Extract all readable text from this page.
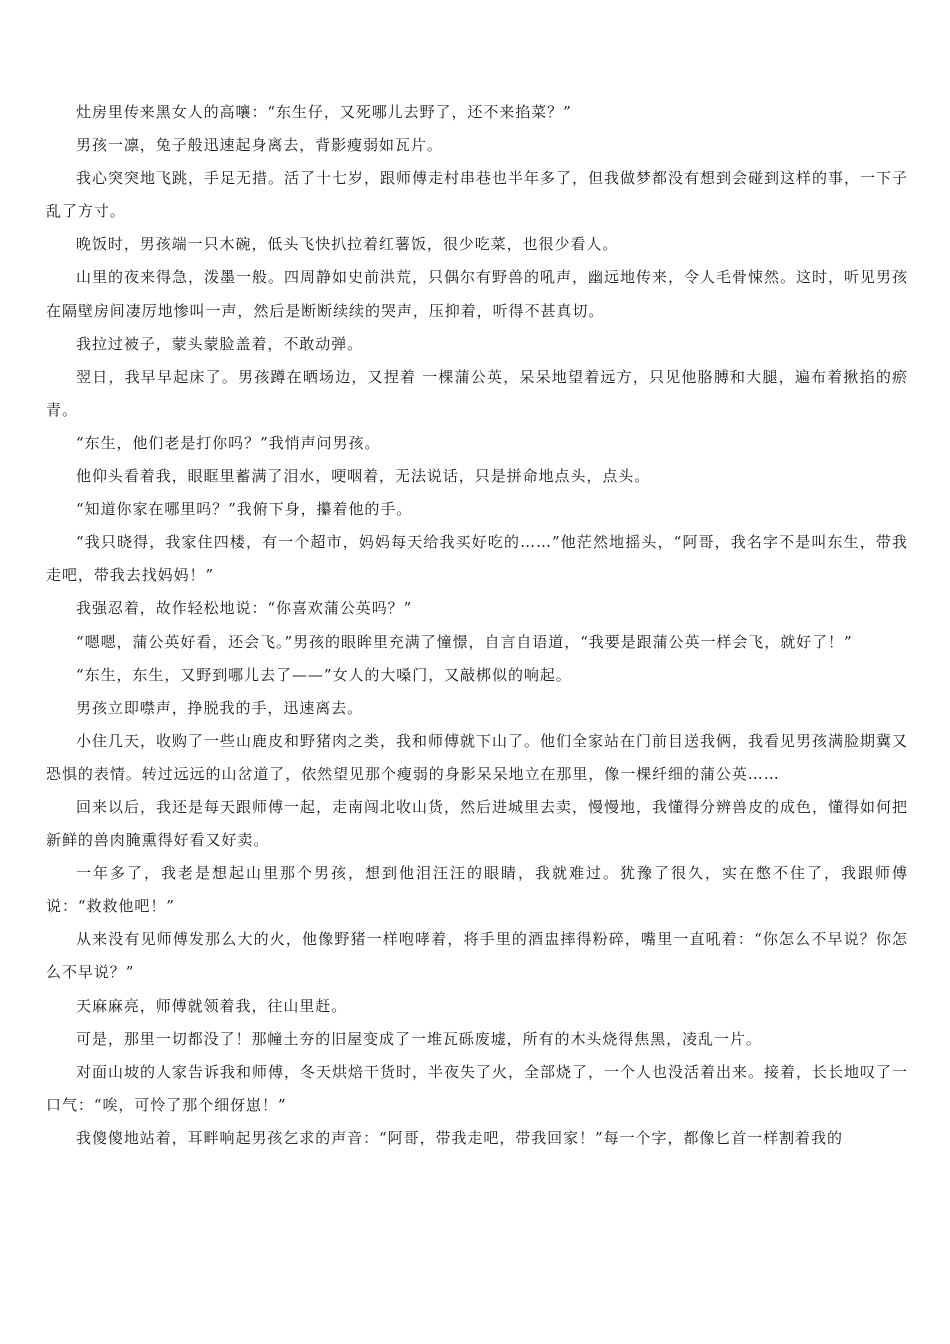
灶房里传来黑女人的高嚷：“东生仔，又死哪儿去野了，还不来掐菜？”

男孩一凛，兔子般迅速起身离去，背影瘦弱如瓦片。

我心突突地飞跳，手足无措。活了十七岁，跟师傅走村串巷也半年多了，但我做梦都没有想到会碰到这样的事，一下子乱了方寸。

晚饭时，男孩端一只木碗，低头飞快扒拉着红薯饭，很少吃菜，也很少看人。

山里的夜来得急，泼墨一般。四周静如史前洪荒，只偶尔有野兽的吼声，幽远地传来，令人毛骨悚然。这时，听见男孩在隔壁房间凄厉地惨叫一声，然后是断断续续的哭声，压抑着，听得不甚真切。

我拉过被子，蒙头蒙脸盖着，不敢动弹。

翌日，我早早起床了。男孩蹲在晒场边，又捏着 一棵蒲公英，呆呆地望着远方，只见他胳膊和大腿，遍布着揪掐的瘀青。

“东生，他们老是打你吗？”我悄声问男孩。

他仰头看着我，眼眶里蓄满了泪水，哽咽着，无法说话，只是拼命地点头，点头。

“知道你家在哪里吗？”我俯下身，攥着他的手。

“我只晓得，我家住四楼，有一个超市，妈妈每天给我买好吃的……”他茫然地摇头，“阿哥，我名字不是叫东生，带我走吧，带我去找妈妈！”

我强忍着，故作轻松地说：“你喜欢蒲公英吗？”

“嗯嗯，蒲公英好看，还会飞。”男孩的眼眸里充满了憧憬，自言自语道，“我要是跟蒲公英一样会飞，就好了！”

“东生，东生，又野到哪儿去了——”女人的大嗓门，又敲梆似的响起。

男孩立即噤声，挣脱我的手，迅速离去。

小住几天，收购了一些山鹿皮和野猪肉之类，我和师傅就下山了。他们全家站在门前目送我俩，我看见男孩满脸期冀又恐惧的表情。转过远远的山岔道了，依然望见那个瘦弱的身影呆呆地立在那里，像一棵纤细的蒲公英……

回来以后，我还是每天跟师傅一起，走南闯北收山货，然后进城里去卖，慢慢地，我懂得分辨兽皮的成色，懂得如何把新鲜的兽肉腌熏得好看又好卖。

一年多了，我老是想起山里那个男孩，想到他泪汪汪的眼睛，我就难过。犹豫了很久，实在憋不住了，我跟师傅说：“救救他吧！”

从来没有见师傅发那么大的火，他像野猪一样咆哮着，将手里的酒盅摔得粉碎，嘴里一直吼着：“你怎么不早说？你怎么不早说？”

天麻麻亮，师傅就领着我，往山里赶。

可是，那里一切都没了！那幢土夯的旧屋变成了一堆瓦砾废墟，所有的木头烧得焦黑，凌乱一片。

对面山坡的人家告诉我和师傅，冬天烘焙干货时，半夜失了火，全部烧了，一个人也没活着出来。接着，长长地叹了一口气：“唉，可怜了那个细伢崽！”

我傻傻地站着，耳畔响起男孩乞求的声音：“阿哥，带我走吧，带我回家！”每一个字，都像匕首一样割着我的
